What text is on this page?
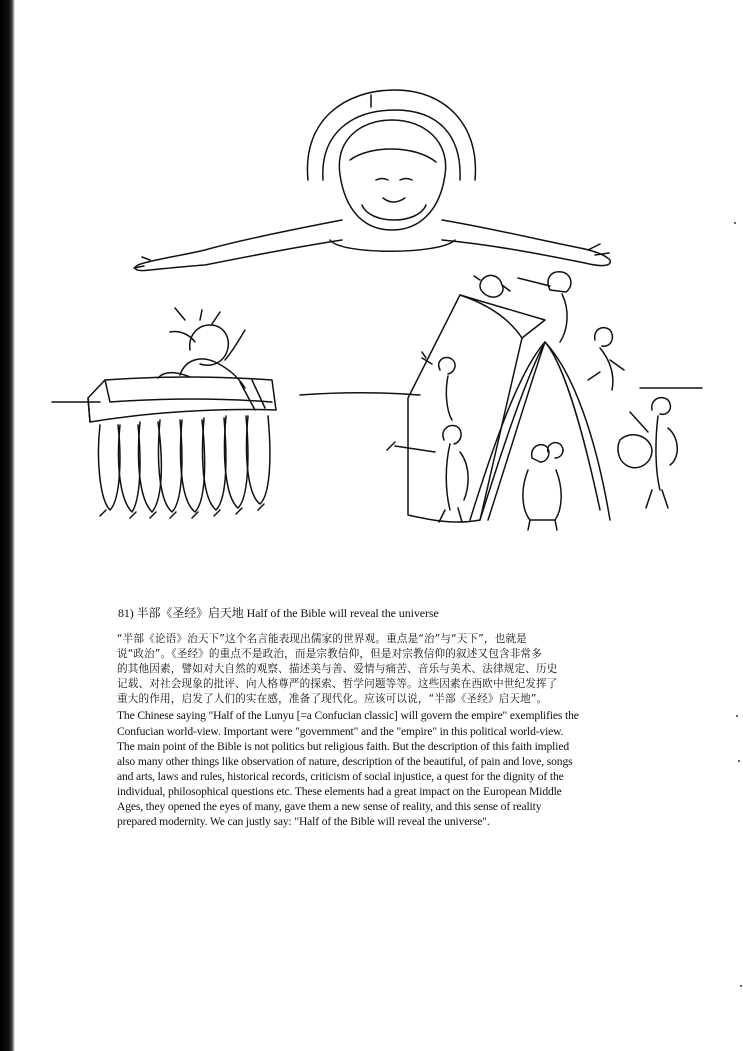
81) 半部《圣经》启天地 Half of the Bible will reveal the universe
“半部《论语》治天下”这个名言能表现出儒家的世界观。重点是“治”与“天下”，也就是
说“政治”。《圣经》的重点不是政治，而是宗教信仰，但是对宗教信仰的叙述又包含非常多
的其他因素，譬如对大自然的观察、描述美与善、爱情与痛苦、音乐与美术、法律规定、历史
记载、对社会现象的批评、向人格尊严的探索、哲学问题等等。这些因素在西欧中世纪发挥了
重大的作用，启发了人们的实在感，准备了现代化。应该可以说，“半部《圣经》启天地”。
The Chinese saying "Half of the Lunyu [=a Confucian classic] will govern the empire" exemplifies the
Confucian world-view. Important were "government" and the "empire" in this political world-view.
The main point of the Bible is not politics but religious faith. But the description of this faith implied
also many other things like observation of nature, description of the beautiful, of pain and love, songs
and arts, laws and rules, historical records, criticism of social injustice, a quest for the dignity of the
individual, philosophical questions etc. These elements had a great impact on the European Middle
Ages, they opened the eyes of many, gave them a new sense of reality, and this sense of reality
prepared modernity. We can justly say: "Half of the Bible will reveal the universe".
